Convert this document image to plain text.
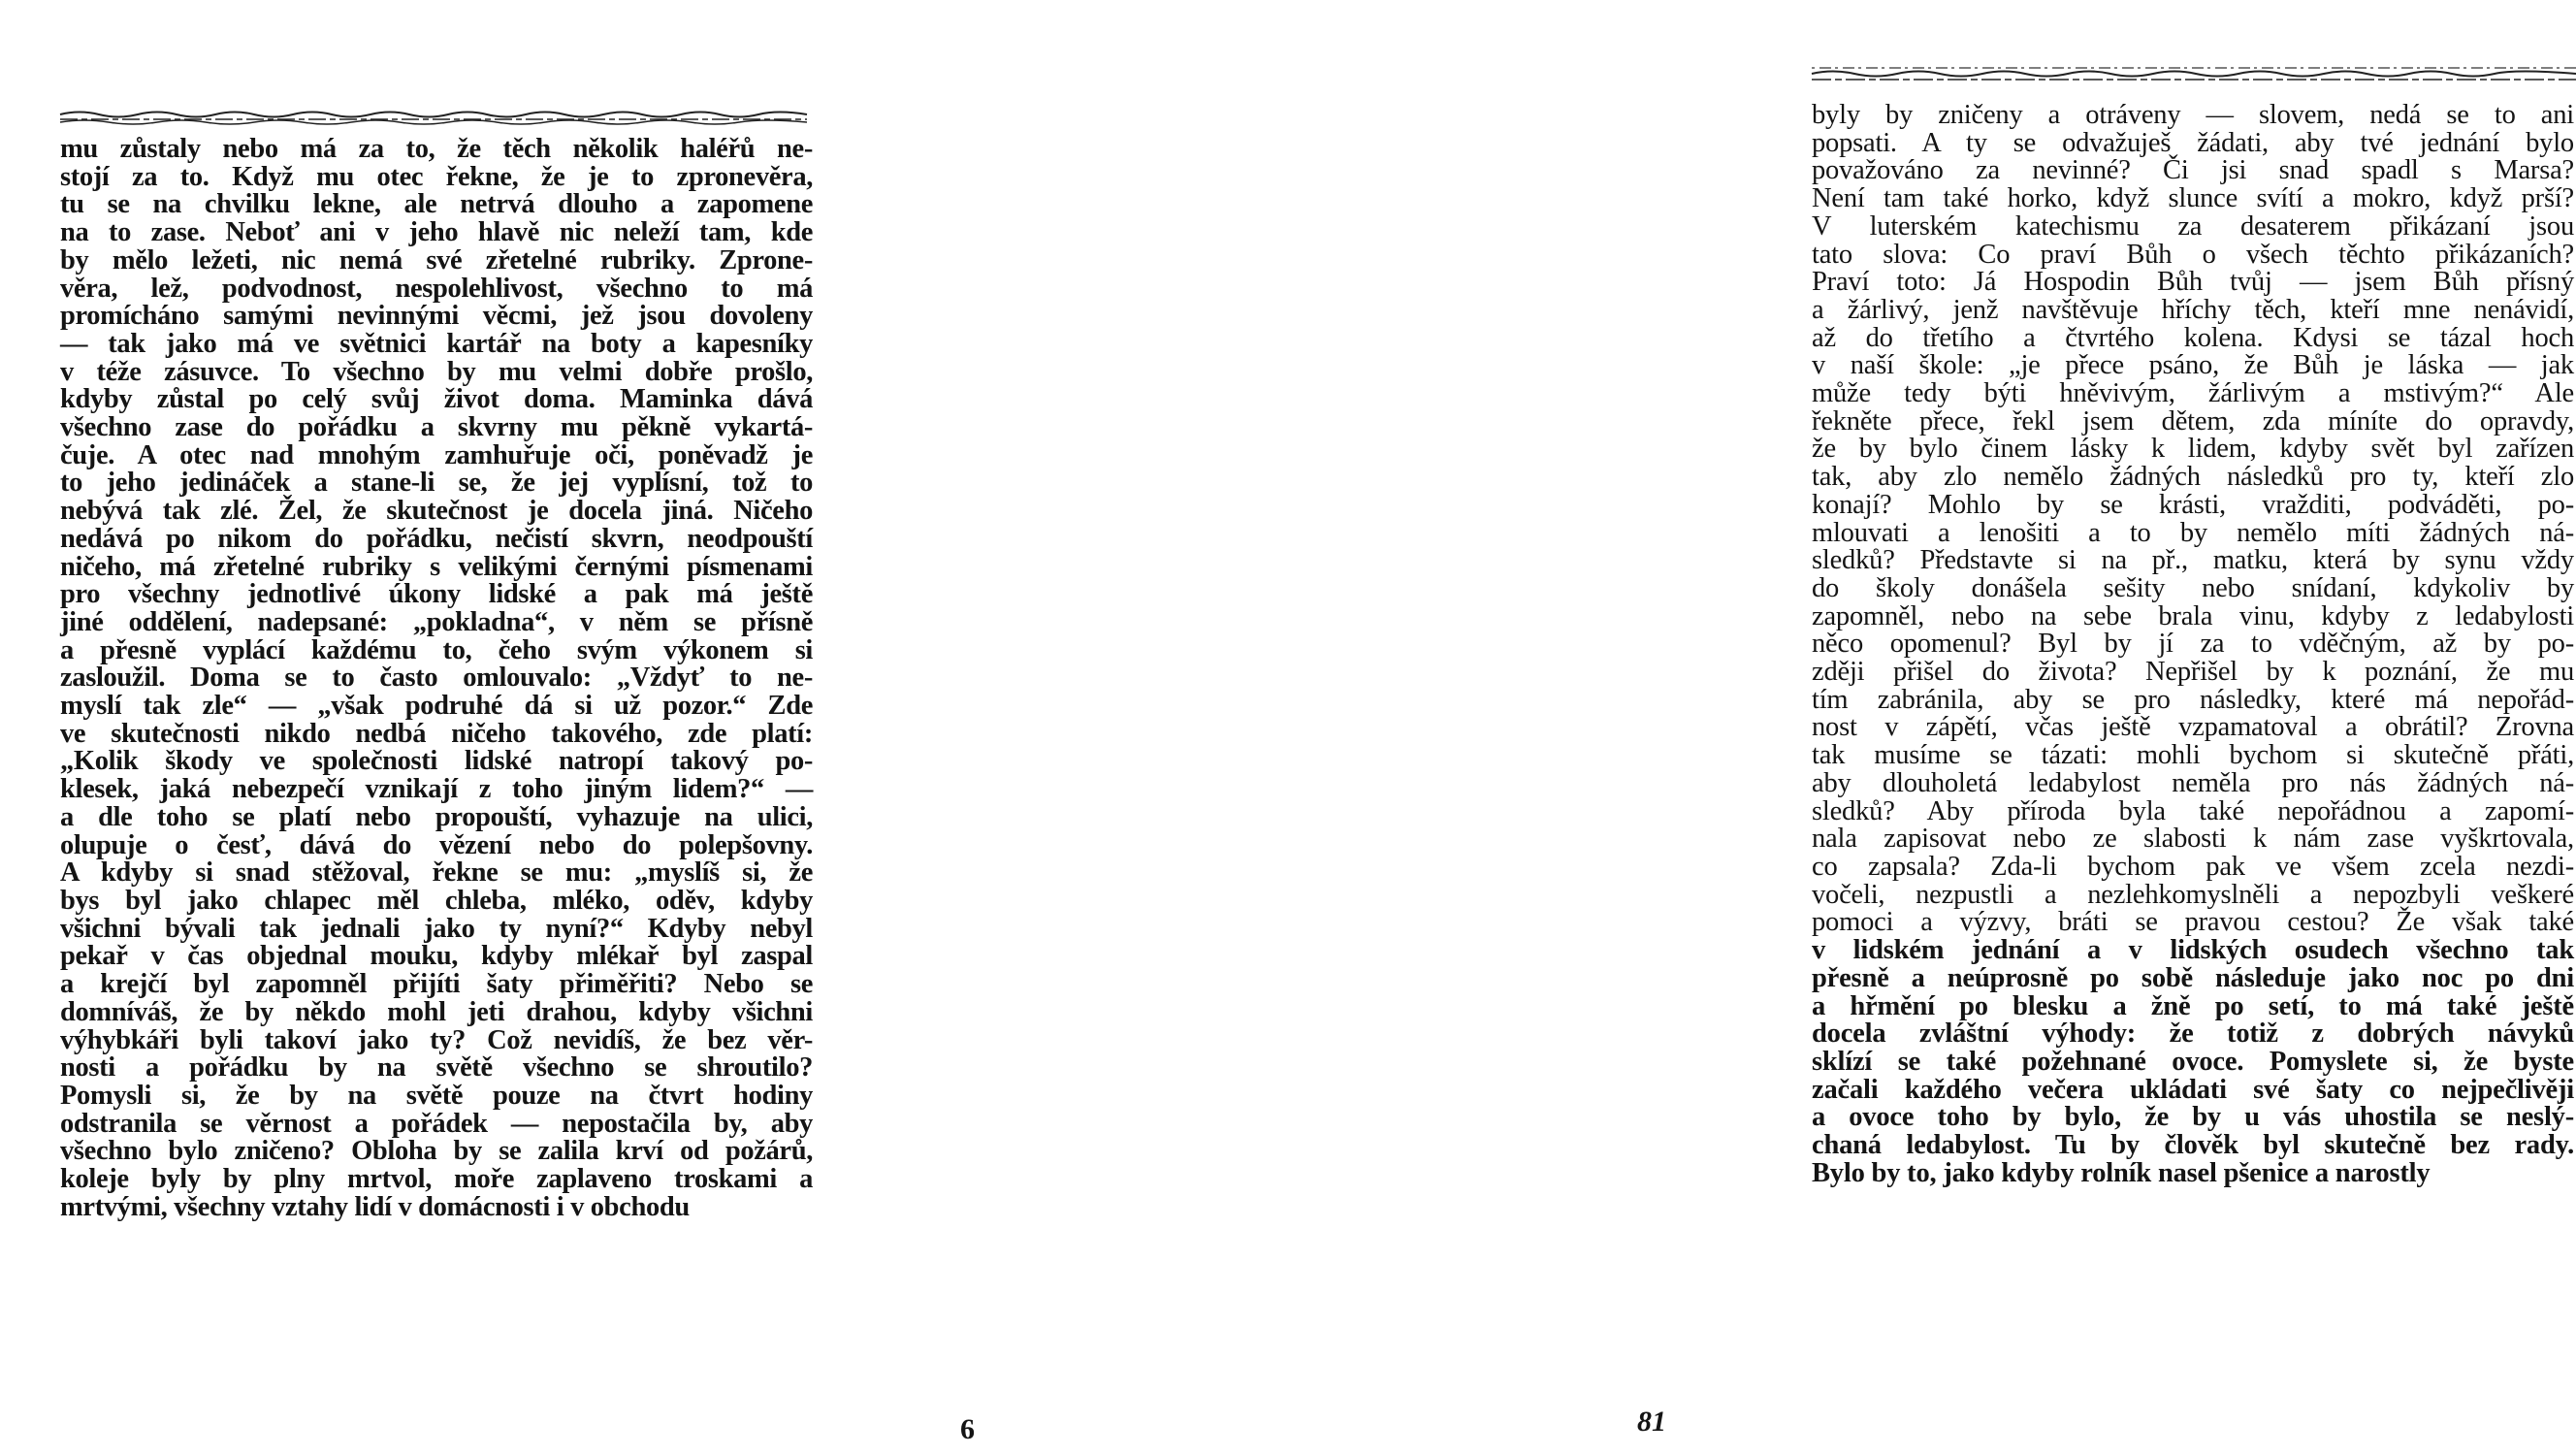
mu zůstaly nebo má za to, že těch několik haléřů ne-
stojí za to. Když mu otec řekne, že je to zpronevěra,
tu se na chvilku lekne, ale netrvá dlouho a zapomene
na to zase. Neboť ani v jeho hlavě nic neleží tam, kde
by mělo ležeti, nic nemá své zřetelné rubriky. Zprone-
věra, lež, podvodnost, nespolehlivost, všechno to má
promícháno samými nevinnými věcmi, jež jsou dovoleny
— tak jako má ve světnici kartář na boty a kapesníky
v téže zásuvce. To všechno by mu velmi dobře prošlo,
kdyby zůstal po celý svůj život doma. Maminka dává
všechno zase do pořádku a skvrny mu pěkně vykartá-
čuje. A otec nad mnohým zamhuřuje oči, poněvadž je
to jeho jedináček a stane-li se, že jej vyplísní, tož to
nebývá tak zlé. Žel, že skutečnost je docela jiná. Ničeho
nedává po nikom do pořádku, nečistí skvrn, neodpouští
ničeho, má zřetelné rubriky s velikými černými písmenami
pro všechny jednotlivé úkony lidské a pak má ještě
jiné oddělení, nadepsané: „pokladna“, v něm se přísně
a přesně vyplácí každému to, čeho svým výkonem si
zasloužil. Doma se to často omlouvalo: „Vždyť to ne-
myslí tak zle“ — „však podruhé dá si už pozor.“ Zde
ve skutečnosti nikdo nedbá ničeho takového, zde platí:
„Kolik škody ve společnosti lidské natropí takový po-
klesek, jaká nebezpečí vznikají z toho jiným lidem?“ —
a dle toho se platí nebo propouští, vyhazuje na ulici,
olupuje o česť, dává do vězení nebo do polepšovny.
A kdyby si snad stěžoval, řekne se mu: „myslíš si, že
bys byl jako chlapec měl chleba, mléko, oděv, kdyby
všichni bývali tak jednali jako ty nyní?“ Kdyby nebyl
pekař v čas objednal mouku, kdyby mlékař byl zaspal
a krejčí byl zapomněl přijíti šaty přiměřiti? Nebo se
domníváš, že by někdo mohl jeti drahou, kdyby všichni
výhybkáři byli takoví jako ty? Což nevidíš, že bez věr-
nosti a pořádku by na světě všechno se shroutilo?
Pomysli si, že by na světě pouze na čtvrt hodiny
odstranila se věrnost a pořádek — nepostačila by, aby
všechno bylo zničeno? Obloha by se zalila krví od požárů,
koleje byly by plny mrtvol, moře zaplaveno troskami a
mrtvými, všechny vztahy lidí v domácnosti i v obchodu
byly by zničeny a otráveny — slovem, nedá se to ani
popsati. A ty se odvažuješ žádati, aby tvé jednání bylo
považováno za nevinné? Či jsi snad spadl s Marsa?
Není tam také horko, když slunce svítí a mokro, když prší?
V luterském katechismu za desaterem přikázaní jsou
tato slova: Co praví Bůh o všech těchto přikázaních?
Praví toto: Já Hospodin Bůh tvůj — jsem Bůh přísný
a žárlivý, jenž navštěvuje hříchy těch, kteří mne nenávidí,
až do třetího a čtvrtého kolena. Kdysi se tázal hoch
v naší škole: „je přece psáno, že Bůh je láska — jak
může tedy býti hněvivým, žárlivým a mstivým?“ Ale
řekněte přece, řekl jsem dětem, zda míníte do opravdy,
že by bylo činem lásky k lidem, kdyby svět byl zařízen
tak, aby zlo nemělo žádných následků pro ty, kteří zlo
konají? Mohlo by se krásti, vražditi, podváděti, po-
mlouvati a lenošiti a to by nemělo míti žádných ná-
sledků? Představte si na př., matku, která by synu vždy
do školy donášela sešity nebo snídaní, kdykoliv by
zapomněl, nebo na sebe brala vinu, kdyby z ledabylosti
něco opomenul? Byl by jí za to vděčným, až by po-
zději přišel do života? Nepřišel by k poznání, že mu
tím zabránila, aby se pro následky, které má nepořád-
nost v zápětí, včas ještě vzpamatoval a obrátil? Zrovna
tak musíme se tázati: mohli bychom si skutečně přáti,
aby dlouholetá ledabylost neměla pro nás žádných ná-
sledků? Aby příroda byla také nepořádnou a zapomí-
nala zapisovat nebo ze slabosti k nám zase vyškrtovala,
co zapsala? Zda-li bychom pak ve všem zcela nezdi-
vočeli, nezpustli a nezlehkomyslněli a nepozbyli veškeré
pomoci a výzvy, bráti se pravou cestou? Že však také
v lidském jednání a v lidských osudech všechno tak
přesně a neúprosně po sobě následuje jako noc po dni
a hřmění po blesku a žně po setí, to má také ještě
docela zvláštní výhody: že totiž z dobrých návyků
sklízí se také požehnané ovoce. Pomyslete si, že byste
začali každého večera ukládati své šaty co nejpečlivěji
a ovoce toho by bylo, že by u vás uhostila se neslý-
chaná ledabylost. Tu by člověk byl skutečně bez rady.
Bylo by to, jako kdyby rolník nasel pšenice a narostly
6	81
